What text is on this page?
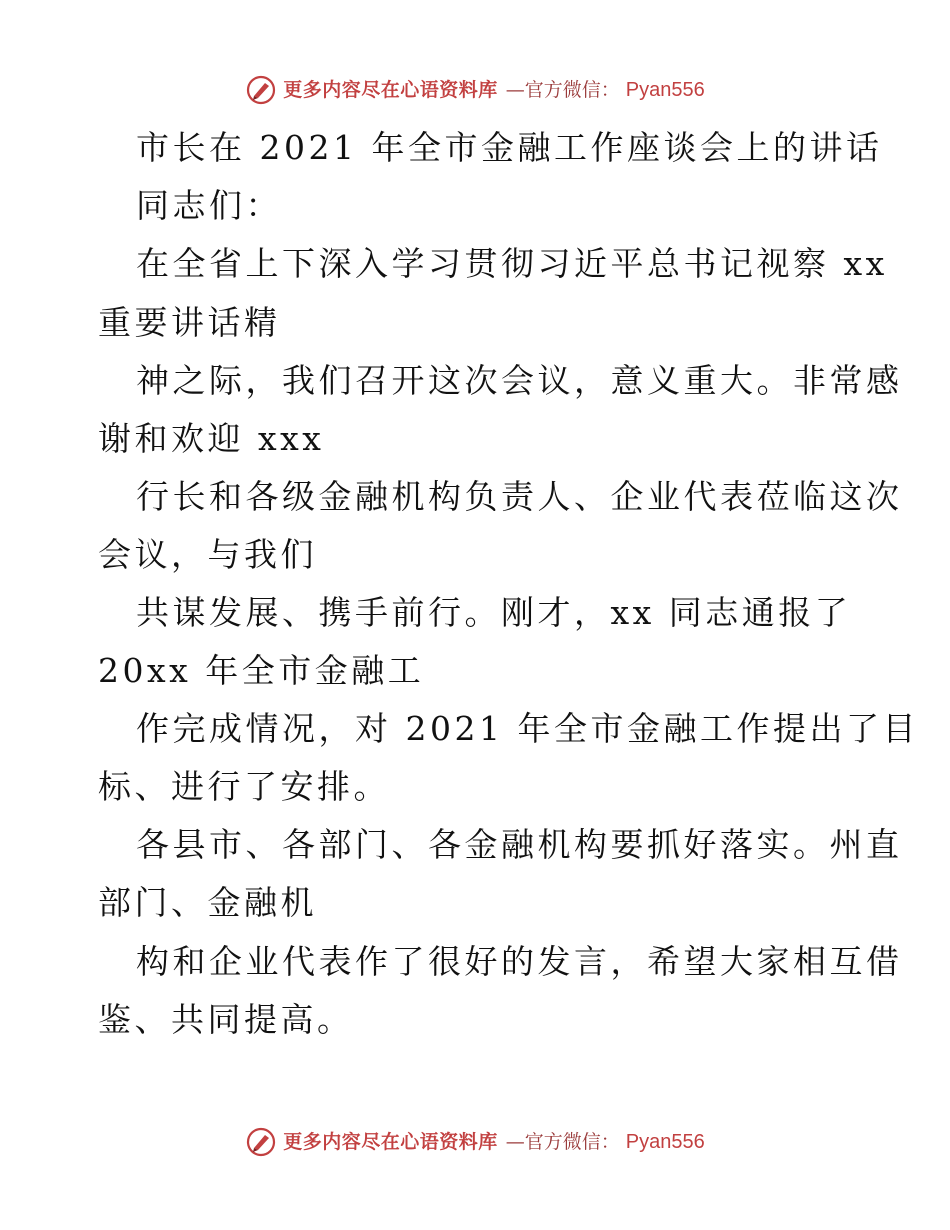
更多内容尽在心语资料库 —官方微信： Pyan556
市长在 2021 年全市金融工作座谈会上的讲话
同志们：
在全省上下深入学习贯彻习近平总书记视察 xx
重要讲话精
神之际，我们召开这次会议，意义重大。非常感
谢和欢迎 xxx
行长和各级金融机构负责人、企业代表莅临这次
会议，与我们
共谋发展、携手前行。刚才，xx 同志通报了
20xx 年全市金融工
作完成情况，对 2021 年全市金融工作提出了目
标、进行了安排。
各县市、各部门、各金融机构要抓好落实。州直
部门、金融机
构和企业代表作了很好的发言，希望大家相互借
鉴、共同提高。
更多内容尽在心语资料库 —官方微信： Pyan556
